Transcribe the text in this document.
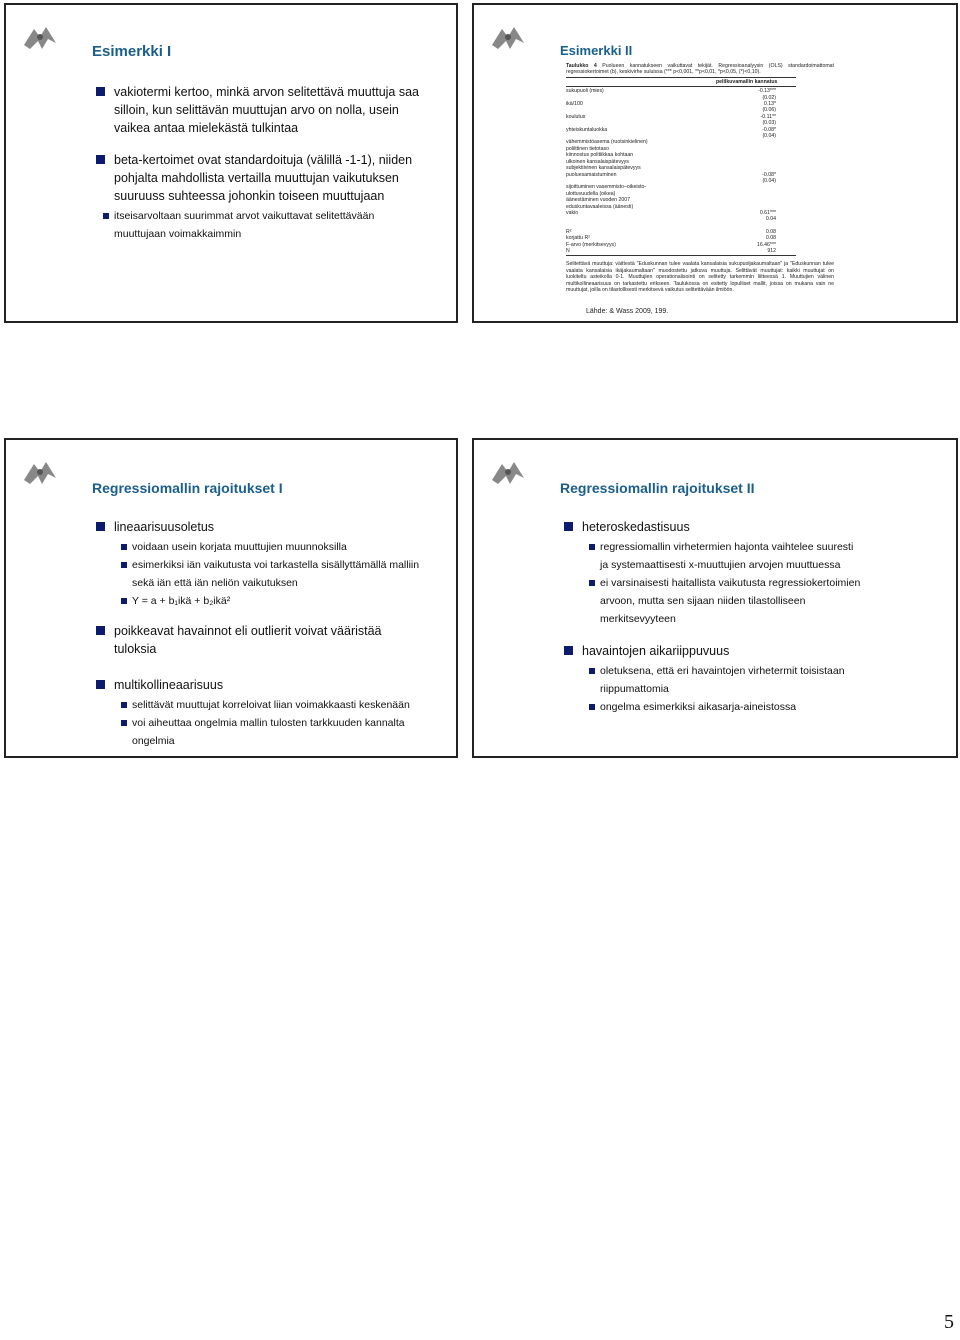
Esimerkki I
vakiotermi kertoo, minkä arvon selitettävä muuttuja saa silloin, kun selittävän muuttujan arvo on nolla, usein vaikea antaa mielekästä tulkintaa
beta-kertoimet ovat standardoituja (välillä -1-1), niiden pohjalta mahdollista vertailla muuttujan vaikutuksen suuruuss suhteessa johonkin toiseen muuttujaan
itseisarvoltaan suurimmat arvot vaikuttavat selitettävään muuttujaan voimakkaimmin
Esimerkki II
Taulukko 4 Puolueen kannatukseen vaikuttavat tekijät. Regressioanalyysin (OLS) standardoimattomat regressiokertoimet (b), keskivirhe suluissa (*** p<0,001, **p<0,01, *p<0,05, (*)<0,10).
pelilkuvamallin kannatus
sukupuoli (mies)	-0.13***
(0.02)
ikä/100	0.13*
(0.06)
koulutus	-0.11**
(0.03)
yhteiskuntaluokka	-0.08*
(0.04)
vähemmistöasema (ruotsinkielinen)
poliittinen tietotaso
kiinnostus politiikkaa kohtaan
ulkoinen kansalaispätevyys
subjektiivinen kansalaispätevyys
puoluesamaistuminen	-0.08*
(0.04)
sijoittuminen vasemmisto–oikeisto-
ulottuvuudella (oikea)
äänestäminen vuoden 2007
eduskuntavaaleissa (äänesti)
vakio	0.61***
0.04
R²	0.08
korjattu R²	0.08
F-arvo (merkitsevyys)	16.46***
N	912
Selitettävä muuttuja: väittestä "Eduskunnan tulee vaalata kansalaisia sukupuoljakaumaltaan" ja "Eduskunnan tulee vaalata kansalaisia ikäjakaumaltaan" muodostettu jatkuva muuttuja. Selittävät muuttujat: kaikki muuttujat on luokiteltu asteikolla 0-1. Muuttujien operationalisointi on selitetty tarkemmin liitteessä 1. Muuttujien välinen multikollineaarisuus on tarkastettu erikseen. Taulukossa on esitetty lopulliset mallit, joissa on mukana vain ne muuttujat, joilla on tilastollisesti merkitsevä vaikutus selitettävään ilmiöön.
Lähde: & Wass 2009, 199.
Regressiomallin rajoitukset I
lineaarisuusoletus
voidaan usein korjata muuttujien muunnoksilla
esimerkiksi iän vaikutusta voi tarkastella sisällyttämällä malliin sekä iän että iän neliön vaikutuksen
Y = a + b₁ikä + b₂ikä²
poikkeavat havainnot eli outlierit voivat vääristää tuloksia
multikollineaarisuus
selittävät muuttujat korreloivat liian voimakkaasti keskenään
voi aiheuttaa ongelmia mallin tulosten tarkkuuden kannalta ongelmia
Regressiomallin rajoitukset II
heteroskedastisuus
regressiomallin virhetermien hajonta vaihtelee suuresti ja systemaattisesti x-muuttujien arvojen muuttuessa
ei varsinaisesti haitallista vaikutusta regressiokertoimien arvoon, mutta sen sijaan niiden tilastolliseen merkitsevyyteen
havaintojen aikariippuvuus
oletuksena, että eri havaintojen virhetermit toisistaan riippumattomia
ongelma esimerkiksi aikasarja-aineistossa
5
